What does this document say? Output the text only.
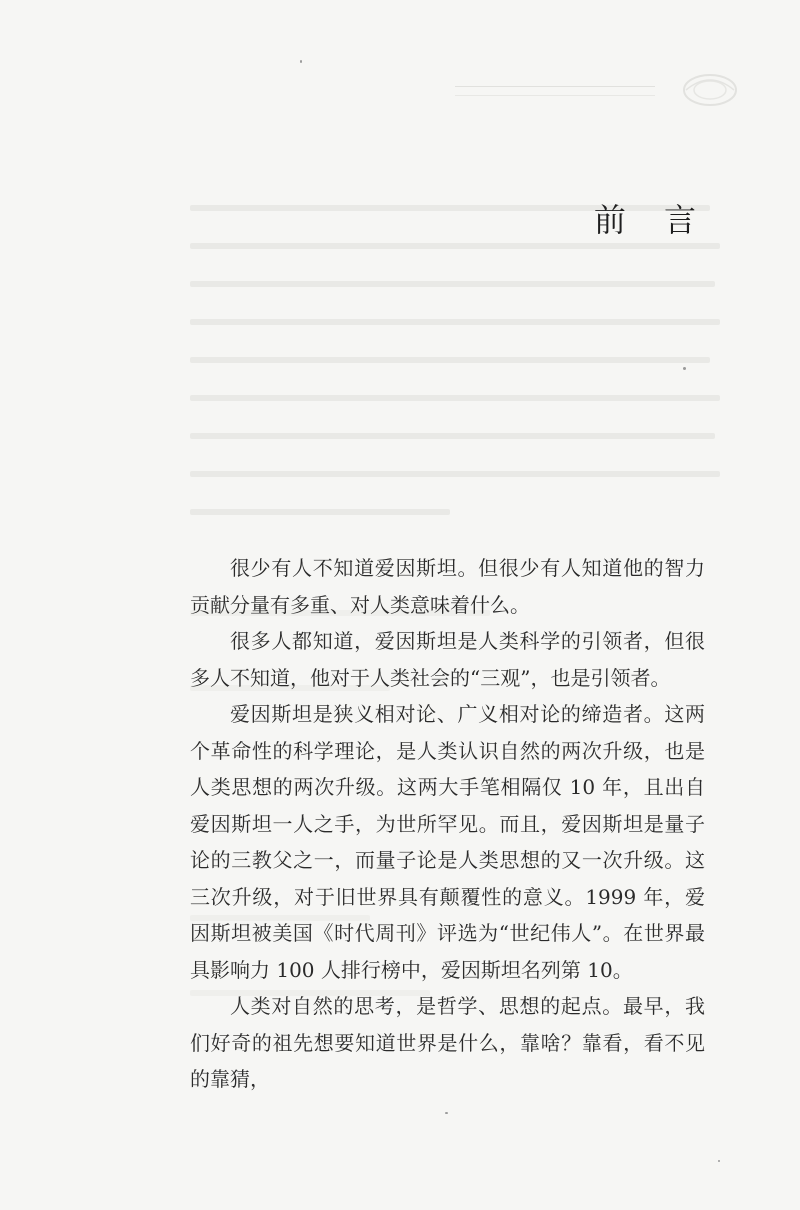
前 言

很少有人不知道爱因斯坦。但很少有人知道他的智力贡献分量有多重、对人类意味着什么。

很多人都知道，爱因斯坦是人类科学的引领者，但很多人不知道，他对于人类社会的“三观”，也是引领者。

爱因斯坦是狭义相对论、广义相对论的缔造者。这两个革命性的科学理论，是人类认识自然的两次升级，也是人类思想的两次升级。这两大手笔相隔仅 10 年，且出自爱因斯坦一人之手，为世所罕见。而且，爱因斯坦是量子论的三教父之一，而量子论是人类思想的又一次升级。这三次升级，对于旧世界具有颠覆性的意义。1999 年，爱因斯坦被美国《时代周刊》评选为“世纪伟人”。在世界最具影响力 100 人排行榜中，爱因斯坦名列第 10。

人类对自然的思考，是哲学、思想的起点。最早，我们好奇的祖先想要知道世界是什么，靠啥？靠看，看不见的靠猜，
